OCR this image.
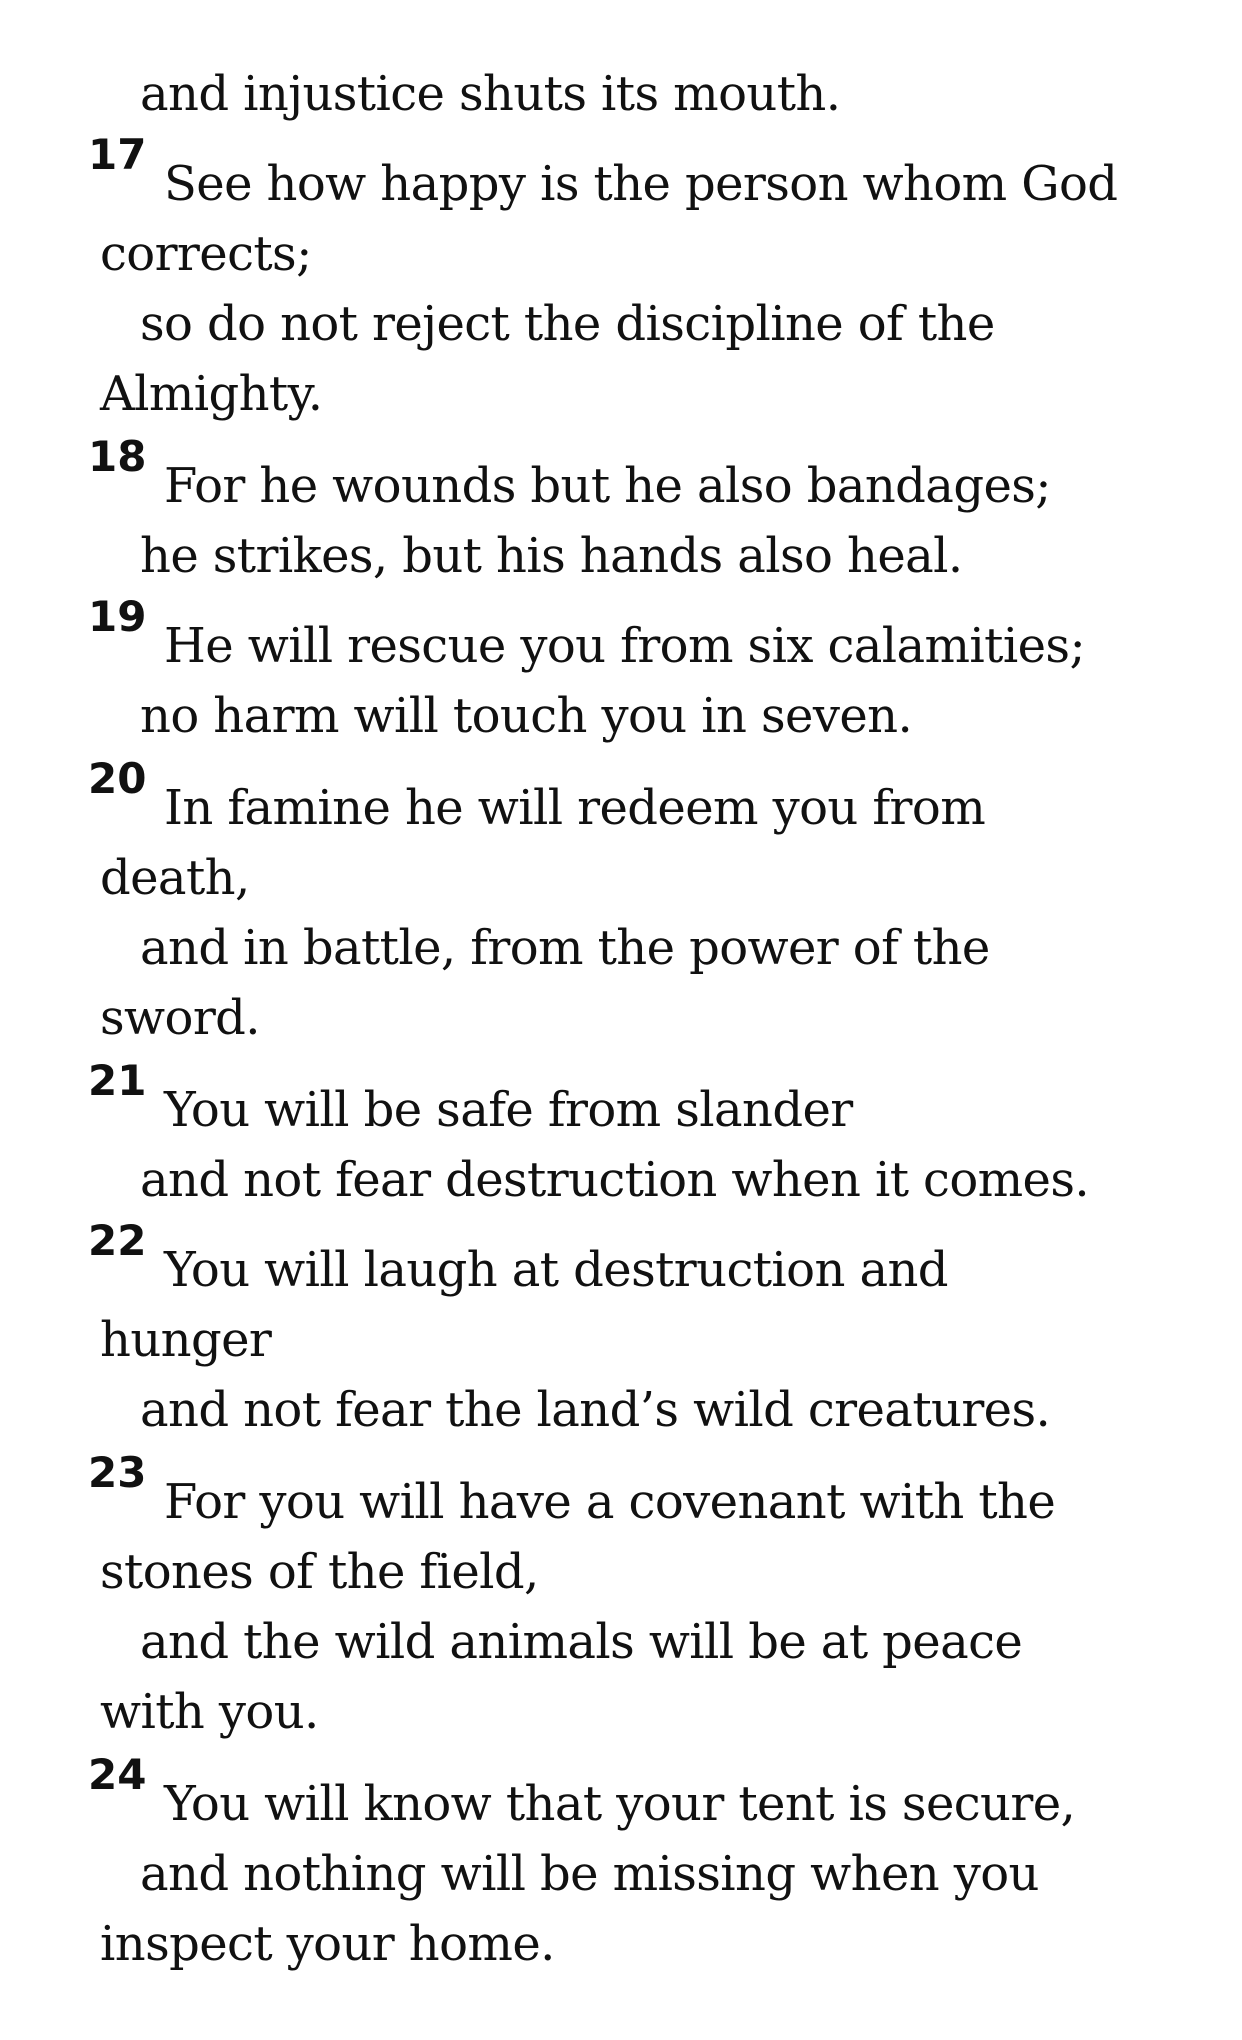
and injustice shuts its mouth.
17
See how happy is the person whom God
corrects;
so do not reject the discipline of the
Almighty.
18
For he wounds but he also bandages;
he strikes, but his hands also heal.
19
He will rescue you from six calamities;
no harm will touch you in seven.
20
In famine he will redeem you from
death,
and in battle, from the power of the
sword.
21
You will be safe from slander
and not fear destruction when it comes.
22
You will laugh at destruction and
hunger
and not fear the land’s wild creatures.
23
For you will have a covenant with the
stones of the field,
and the wild animals will be at peace
with you.
24
You will know that your tent is secure,
and nothing will be missing when you
inspect your home.
